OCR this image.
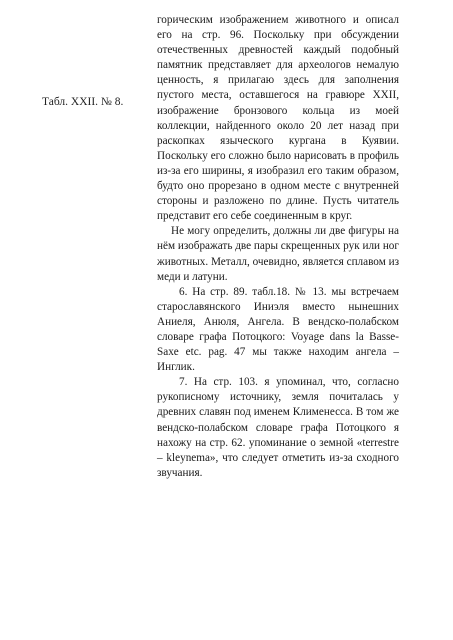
Табл. XXII. № 8.

горическим изображением животного и описал его на стр. 96. Поскольку при обсуждении отечественных древностей каждый подобный памятник представляет для археологов немалую ценность, я прилагаю здесь для заполнения пустого места, оставшегося на гравюре XXII, изображение бронзового кольца из моей коллекции, найденного около 20 лет назад при раскопках языческого кургана в Куявии. Поскольку его сложно было нарисовать в профиль из-за его ширины, я изобразил его таким образом, будто оно прорезано в одном месте с внутренней стороны и разложено по длине. Пусть читатель представит его себе соединенным в круг.

Не могу определить, должны ли две фигуры на нём изображать две пары скрещенных рук или ног животных. Металл, очевидно, является сплавом из меди и латуни.

6. На стр. 89. табл.18. № 13. мы встречаем старославянского Иниэля вместо нынешних Аниеля, Анюля, Ангела. В вендско-полабском словаре графа Потоцкого: Voyage dans la Basse-Saxe etc. pag. 47 мы также находим ангела – Инглик.

7. На стр. 103. я упоминал, что, согласно рукописному источнику, земля почиталась у древних славян под именем Клименесса. В том же вендско-полабском словаре графа Потоцкого я нахожу на стр. 62. упоминание о земной «terrestre – kleynema», что следует отметить из-за сходного звучания.
